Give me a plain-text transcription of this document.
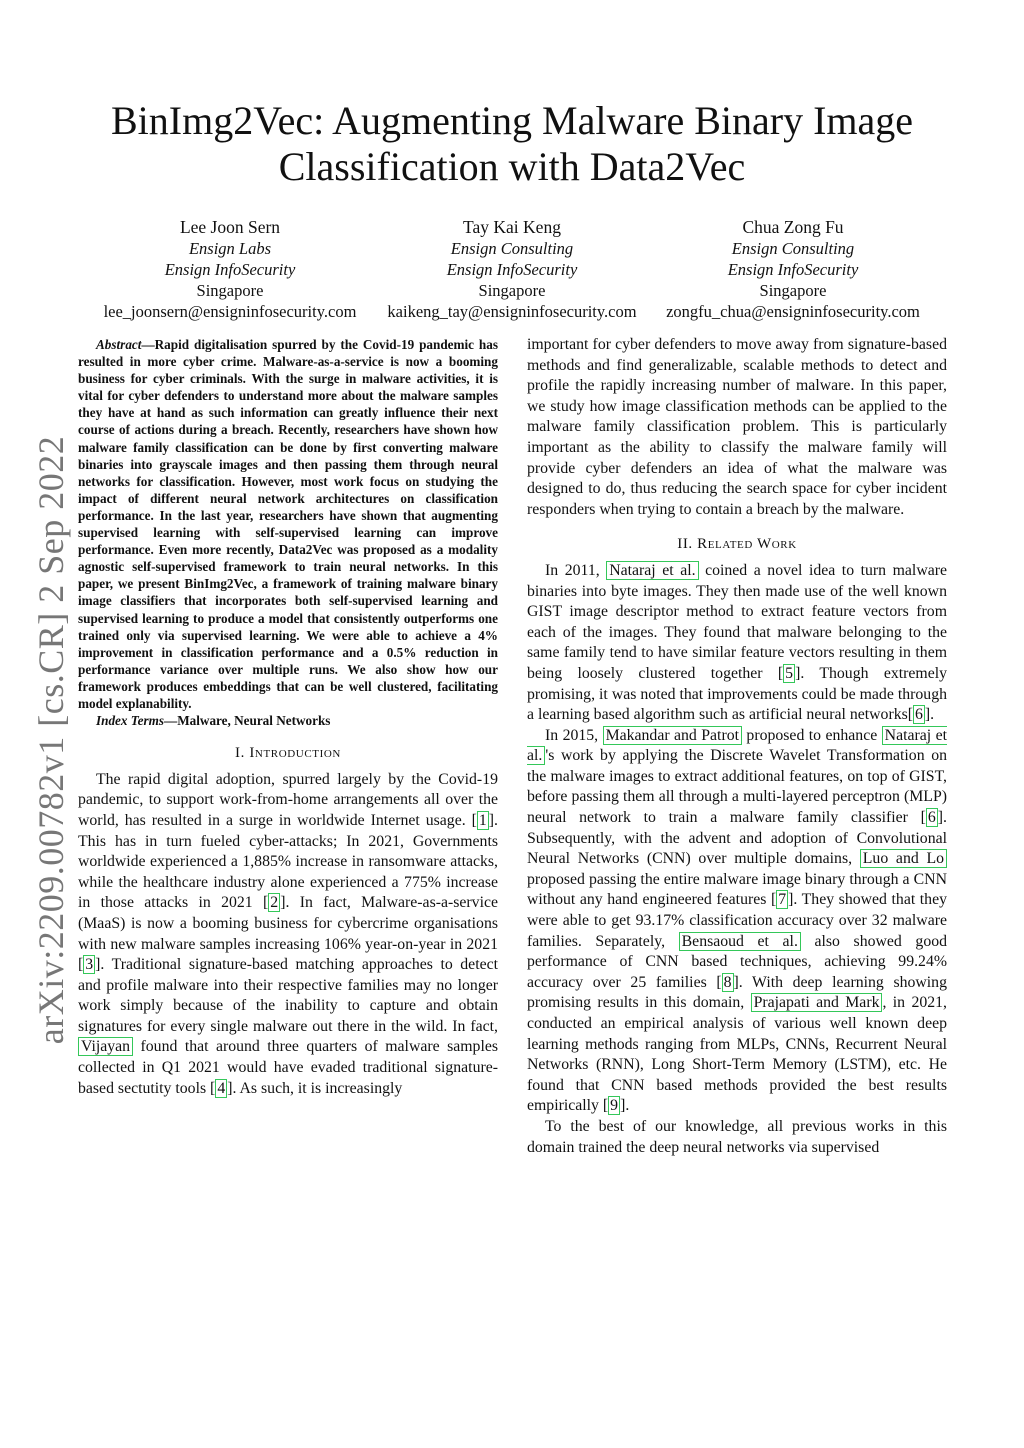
arXiv:2209.00782v1 [cs.CR] 2 Sep 2022
BinImg2Vec: Augmenting Malware Binary Image
Classification with Data2Vec
Lee Joon Sern
Ensign Labs
Ensign InfoSecurity
Singapore
lee_joonsern@ensigninfosecurity.com
Tay Kai Keng
Ensign Consulting
Ensign InfoSecurity
Singapore
kaikeng_tay@ensigninfosecurity.com
Chua Zong Fu
Ensign Consulting
Ensign InfoSecurity
Singapore
zongfu_chua@ensigninfosecurity.com

Abstract—Rapid digitalisation spurred by the Covid-19 pandemic has resulted in more cyber crime. Malware-as-a-service is now a booming business for cyber criminals. With the surge in malware activities, it is vital for cyber defenders to understand more about the malware samples they have at hand as such information can greatly influence their next course of actions during a breach. Recently, researchers have shown how malware family classification can be done by first converting malware binaries into grayscale images and then passing them through neural networks for classification. However, most work focus on studying the impact of different neural network architectures on classification performance. In the last year, researchers have shown that augmenting supervised learning with self-supervised learning can improve performance. Even more recently, Data2Vec was proposed as a modality agnostic self-supervised framework to train neural networks. In this paper, we present BinImg2Vec, a framework of training malware binary image classifiers that incorporates both self-supervised learning and supervised learning to produce a model that consistently outperforms one trained only via supervised learning. We were able to achieve a 4% improvement in classification performance and a 0.5% reduction in performance variance over multiple runs. We also show how our framework produces embeddings that can be well clustered, facilitating model explanability.

Index Terms—Malware, Neural Networks

I. Introduction

The rapid digital adoption, spurred largely by the Covid-19 pandemic, to support work-from-home arrangements all over the world, has resulted in a surge in worldwide Internet usage. [ 1 ]. This has in turn fueled cyber-attacks; In 2021, Governments worldwide experienced a 1,885% increase in ransomware attacks, while the healthcare industry alone experienced a 775% increase in those attacks in 2021 [ 2 ]. In fact, Malware-as-a-service (MaaS) is now a booming business for cybercrime organisations with new malware samples increasing 106% year-on-year in 2021 [ 3 ]. Traditional signature-based matching approaches to detect and profile malware into their respective families may no longer work simply because of the inability to capture and obtain signatures for every single malware out there in the wild. In fact, Vijayan found that around three quarters of malware samples collected in Q1 2021 would have evaded traditional signature-based sectutity tools [ 4 ]. As such, it is increasingly

important for cyber defenders to move away from signature-based methods and find generalizable, scalable methods to detect and profile the rapidly increasing number of malware. In this paper, we study how image classification methods can be applied to the malware family classification problem. This is particularly important as the ability to classify the malware family will provide cyber defenders an idea of what the malware was designed to do, thus reducing the search space for cyber incident responders when trying to contain a breach by the malware.

II. Related Work

In 2011, Nataraj et al. coined a novel idea to turn malware binaries into byte images. They then made use of the well known GIST image descriptor method to extract feature vectors from each of the images. They found that malware belonging to the same family tend to have similar feature vectors resulting in them being loosely clustered together [ 5 ]. Though extremely promising, it was noted that improvements could be made through a learning based algorithm such as artificial neural networks[ 6 ].

In 2015, Makandar and Patrot proposed to enhance Nataraj et al. 's work by applying the Discrete Wavelet Transformation on the malware images to extract additional features, on top of GIST, before passing them all through a multi-layered perceptron (MLP) neural network to train a malware family classifier [ 6 ]. Subsequently, with the advent and adoption of Convolutional Neural Networks (CNN) over multiple domains, Luo and Lo proposed passing the entire malware image binary through a CNN without any hand engineered features [ 7 ]. They showed that they were able to get 93.17% classification accuracy over 32 malware families. Separately, Bensaoud et al. also showed good performance of CNN based techniques, achieving 99.24% accuracy over 25 families [ 8 ]. With deep learning showing promising results in this domain, Prajapati and Mark , in 2021, conducted an empirical analysis of various well known deep learning methods ranging from MLPs, CNNs, Recurrent Neural Networks (RNN), Long Short-Term Memory (LSTM), etc. He found that CNN based methods provided the best results empirically [ 9 ].

To the best of our knowledge, all previous works in this domain trained the deep neural networks via supervised
